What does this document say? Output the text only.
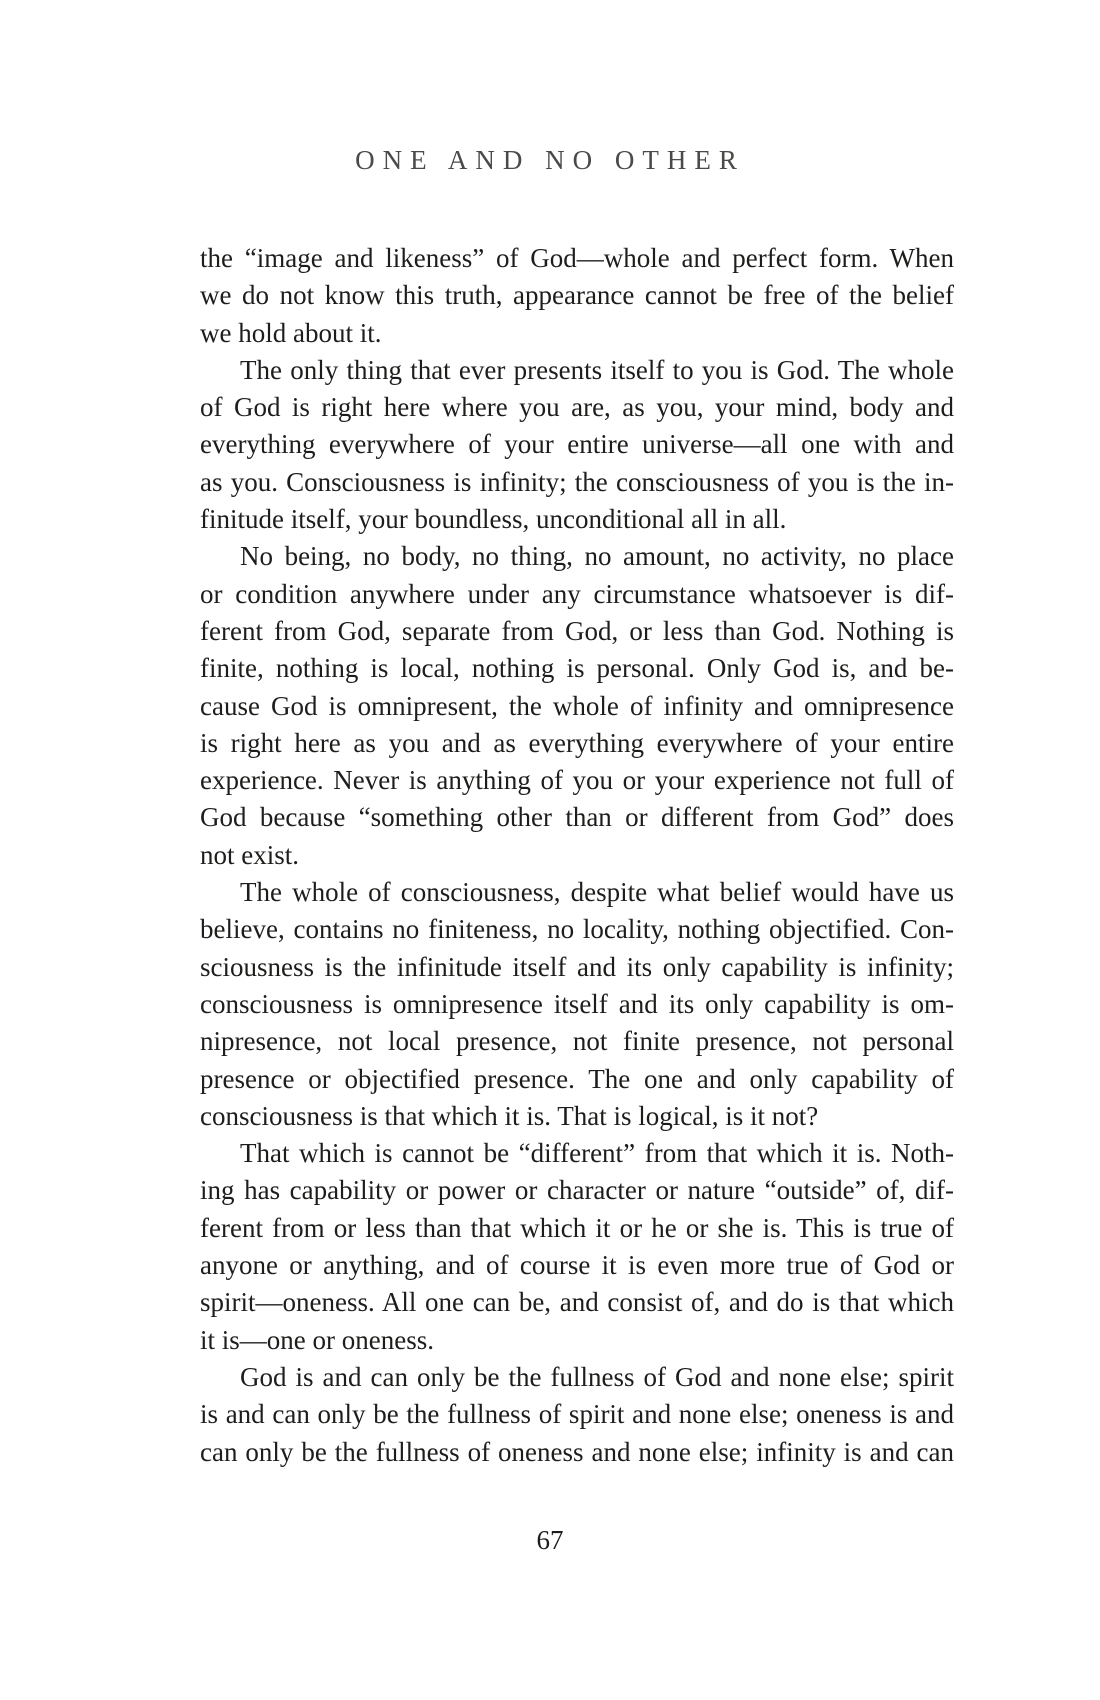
ONE AND NO OTHER

the “image and likeness” of God—whole and perfect form. When
we do not know this truth, appearance cannot be free of the belief
we hold about it.

The only thing that ever presents itself to you is God. The whole
of God is right here where you are, as you, your mind, body and
everything everywhere of your entire universe—all one with and
as you. Consciousness is infinity; the consciousness of you is the in-
finitude itself, your boundless, unconditional all in all.

No being, no body, no thing, no amount, no activity, no place
or condition anywhere under any circumstance whatsoever is dif-
ferent from God, separate from God, or less than God. Nothing is
finite, nothing is local, nothing is personal. Only God is, and be-
cause God is omnipresent, the whole of infinity and omnipresence
is right here as you and as everything everywhere of your entire
experience. Never is anything of you or your experience not full of
God because “something other than or different from God” does
not exist.

The whole of consciousness, despite what belief would have us
believe, contains no finiteness, no locality, nothing objectified. Con-
sciousness is the infinitude itself and its only capability is infinity;
consciousness is omnipresence itself and its only capability is om-
nipresence, not local presence, not finite presence, not personal
presence or objectified presence. The one and only capability of
consciousness is that which it is. That is logical, is it not?

That which is cannot be “different” from that which it is. Noth-
ing has capability or power or character or nature “outside” of, dif-
ferent from or less than that which it or he or she is. This is true of
anyone or anything, and of course it is even more true of God or
spirit—oneness. All one can be, and consist of, and do is that which
it is—one or oneness.

God is and can only be the fullness of God and none else; spirit
is and can only be the fullness of spirit and none else; oneness is and
can only be the fullness of oneness and none else; infinity is and can

67
